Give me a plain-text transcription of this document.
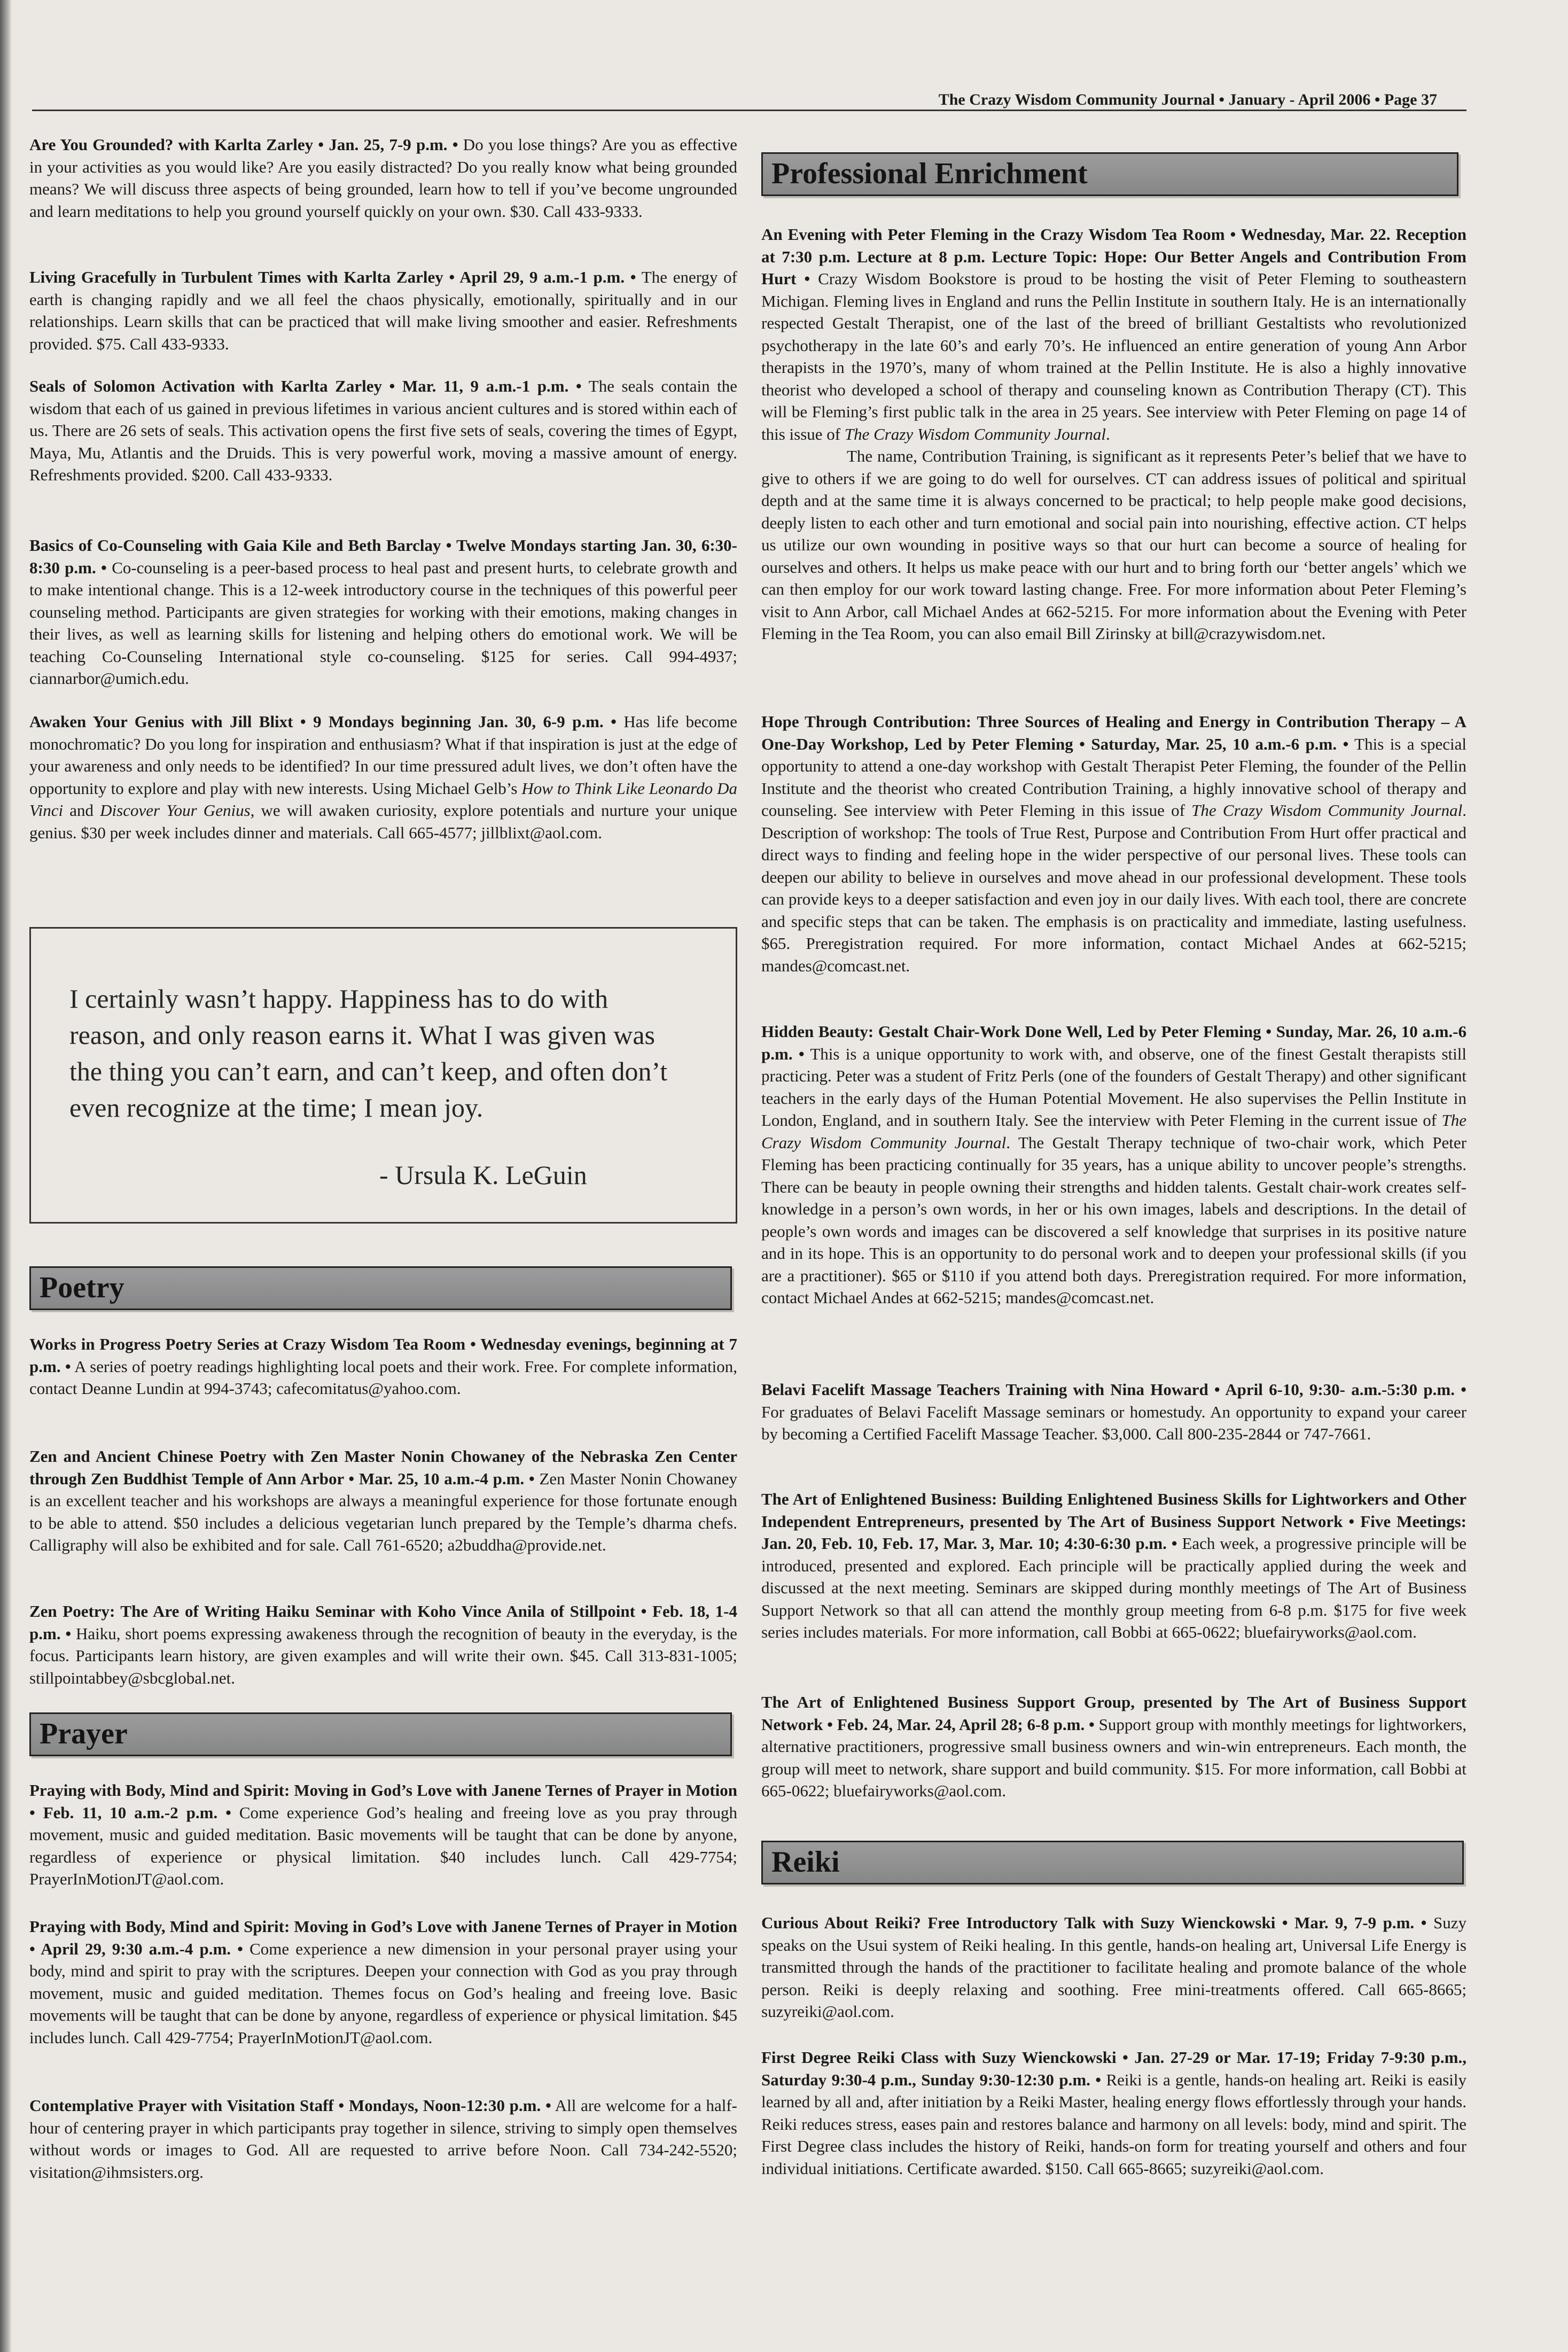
The Crazy Wisdom Community Journal • January - April 2006 • Page 37
Are You Grounded? with Karlta Zarley • Jan. 25, 7-9 p.m. • Do you lose things? Are you as effective in your activities as you would like? Are you easily distracted? Do you really know what being grounded means? We will discuss three aspects of being grounded, learn how to tell if you’ve become ungrounded and learn meditations to help you ground yourself quickly on your own. $30. Call 433-9333.
Living Gracefully in Turbulent Times with Karlta Zarley • April 29, 9 a.m.-1 p.m. • The energy of earth is changing rapidly and we all feel the chaos physically, emotionally, spiritually and in our relationships. Learn skills that can be practiced that will make living smoother and easier. Refreshments provided. $75. Call 433-9333.
Seals of Solomon Activation with Karlta Zarley • Mar. 11, 9 a.m.-1 p.m. • The seals contain the wisdom that each of us gained in previous lifetimes in various ancient cultures and is stored within each of us. There are 26 sets of seals. This activation opens the first five sets of seals, covering the times of Egypt, Maya, Mu, Atlantis and the Druids. This is very powerful work, moving a massive amount of energy. Refreshments provided. $200. Call 433-9333.
Basics of Co-Counseling with Gaia Kile and Beth Barclay • Twelve Mondays starting Jan. 30, 6:30-8:30 p.m. • Co-counseling is a peer-based process to heal past and present hurts, to celebrate growth and to make intentional change. This is a 12-week introductory course in the techniques of this powerful peer counseling method. Participants are given strategies for working with their emotions, making changes in their lives, as well as learning skills for listening and helping others do emotional work. We will be teaching Co-Counseling International style co-counseling. $125 for series. Call 994-4937; ciannarbor@umich.edu.
Awaken Your Genius with Jill Blixt • 9 Mondays beginning Jan. 30, 6-9 p.m. • Has life become monochromatic? Do you long for inspiration and enthusiasm? What if that inspiration is just at the edge of your awareness and only needs to be identified? In our time pressured adult lives, we don’t often have the opportunity to explore and play with new interests. Using Michael Gelb’s How to Think Like Leonardo Da Vinci and Discover Your Genius, we will awaken curiosity, explore potentials and nurture your unique genius. $30 per week includes dinner and materials. Call 665-4577; jillblixt@aol.com.
I certainly wasn’t happy. Happiness has to do with reason, and only reason earns it. What I was given was the thing you can’t earn, and can’t keep, and often don’t even recognize at the time; I mean joy.
- Ursula K. LeGuin
Poetry
Works in Progress Poetry Series at Crazy Wisdom Tea Room • Wednesday evenings, beginning at 7 p.m. • A series of poetry readings highlighting local poets and their work. Free. For complete information, contact Deanne Lundin at 994-3743; cafecomitatus@yahoo.com.
Zen and Ancient Chinese Poetry with Zen Master Nonin Chowaney of the Nebraska Zen Center through Zen Buddhist Temple of Ann Arbor • Mar. 25, 10 a.m.-4 p.m. • Zen Master Nonin Chowaney is an excellent teacher and his workshops are always a meaningful experience for those fortunate enough to be able to attend. $50 includes a delicious vegetarian lunch prepared by the Temple’s dharma chefs. Calligraphy will also be exhibited and for sale. Call 761-6520; a2buddha@provide.net.
Zen Poetry: The Are of Writing Haiku Seminar with Koho Vince Anila of Stillpoint • Feb. 18, 1-4 p.m. • Haiku, short poems expressing awakeness through the recognition of beauty in the everyday, is the focus. Participants learn history, are given examples and will write their own. $45. Call 313-831-1005; stillpointabbey@sbcglobal.net.
Prayer
Praying with Body, Mind and Spirit: Moving in God’s Love with Janene Ternes of Prayer in Motion • Feb. 11, 10 a.m.-2 p.m. • Come experience God’s healing and freeing love as you pray through movement, music and guided meditation. Basic movements will be taught that can be done by anyone, regardless of experience or physical limitation. $40 includes lunch. Call 429-7754; PrayerInMotionJT@aol.com.
Praying with Body, Mind and Spirit: Moving in God’s Love with Janene Ternes of Prayer in Motion • April 29, 9:30 a.m.-4 p.m. • Come experience a new dimension in your personal prayer using your body, mind and spirit to pray with the scriptures. Deepen your connection with God as you pray through movement, music and guided meditation. Themes focus on God’s healing and freeing love. Basic movements will be taught that can be done by anyone, regardless of experience or physical limitation. $45 includes lunch. Call 429-7754; PrayerInMotionJT@aol.com.
Contemplative Prayer with Visitation Staff • Mondays, Noon-12:30 p.m. • All are welcome for a half-hour of centering prayer in which participants pray together in silence, striving to simply open themselves without words or images to God. All are requested to arrive before Noon. Call 734-242-5520; visitation@ihmsisters.org.
Professional Enrichment
An Evening with Peter Fleming in the Crazy Wisdom Tea Room • Wednesday, Mar. 22. Reception at 7:30 p.m. Lecture at 8 p.m. Lecture Topic: Hope: Our Better Angels and Contribution From Hurt • Crazy Wisdom Bookstore is proud to be hosting the visit of Peter Fleming to southeastern Michigan. Fleming lives in England and runs the Pellin Institute in southern Italy. He is an internationally respected Gestalt Therapist, one of the last of the breed of brilliant Gestaltists who revolutionized psychotherapy in the late 60’s and early 70’s. He influenced an entire generation of young Ann Arbor therapists in the 1970’s, many of whom trained at the Pellin Institute. He is also a highly innovative theorist who developed a school of therapy and counseling known as Contribution Therapy (CT). This will be Fleming’s first public talk in the area in 25 years. See interview with Peter Fleming on page 14 of this issue of The Crazy Wisdom Community Journal.

The name, Contribution Training, is significant as it represents Peter’s belief that we have to give to others if we are going to do well for ourselves. CT can address issues of political and spiritual depth and at the same time it is always concerned to be practical; to help people make good decisions, deeply listen to each other and turn emotional and social pain into nourishing, effective action. CT helps us utilize our own wounding in positive ways so that our hurt can become a source of healing for ourselves and others. It helps us make peace with our hurt and to bring forth our ‘better angels’ which we can then employ for our work toward lasting change. Free. For more information about Peter Fleming’s visit to Ann Arbor, call Michael Andes at 662-5215. For more information about the Evening with Peter Fleming in the Tea Room, you can also email Bill Zirinsky at bill@crazywisdom.net.

Hope Through Contribution: Three Sources of Healing and Energy in Contribution Therapy – A One-Day Workshop, Led by Peter Fleming • Saturday, Mar. 25, 10 a.m.-6 p.m. • This is a special opportunity to attend a one-day workshop with Gestalt Therapist Peter Fleming, the founder of the Pellin Institute and the theorist who created Contribution Training, a highly innovative school of therapy and counseling. See interview with Peter Fleming in this issue of The Crazy Wisdom Community Journal. Description of workshop: The tools of True Rest, Purpose and Contribution From Hurt offer practical and direct ways to finding and feeling hope in the wider perspective of our personal lives. These tools can deepen our ability to believe in ourselves and move ahead in our professional development. These tools can provide keys to a deeper satisfaction and even joy in our daily lives. With each tool, there are concrete and specific steps that can be taken. The emphasis is on practicality and immediate, lasting usefulness. $65. Preregistration required. For more information, contact Michael Andes at 662-5215; mandes@comcast.net.
Hidden Beauty: Gestalt Chair-Work Done Well, Led by Peter Fleming • Sunday, Mar. 26, 10 a.m.-6 p.m. • This is a unique opportunity to work with, and observe, one of the finest Gestalt therapists still practicing. Peter was a student of Fritz Perls (one of the founders of Gestalt Therapy) and other significant teachers in the early days of the Human Potential Movement. He also supervises the Pellin Institute in London, England, and in southern Italy. See the interview with Peter Fleming in the current issue of The Crazy Wisdom Community Journal. The Gestalt Therapy technique of two-chair work, which Peter Fleming has been practicing continually for 35 years, has a unique ability to uncover people’s strengths. There can be beauty in people owning their strengths and hidden talents. Gestalt chair-work creates self-knowledge in a person’s own words, in her or his own images, labels and descriptions. In the detail of people’s own words and images can be discovered a self knowledge that surprises in its positive nature and in its hope. This is an opportunity to do personal work and to deepen your professional skills (if you are a practitioner). $65 or $110 if you attend both days. Preregistration required. For more information, contact Michael Andes at 662-5215; mandes@comcast.net.
Belavi Facelift Massage Teachers Training with Nina Howard • April 6-10, 9:30- a.m.-5:30 p.m. • For graduates of Belavi Facelift Massage seminars or homestudy. An opportunity to expand your career by becoming a Certified Facelift Massage Teacher. $3,000. Call 800-235-2844 or 747-7661.
The Art of Enlightened Business: Building Enlightened Business Skills for Lightworkers and Other Independent Entrepreneurs, presented by The Art of Business Support Network • Five Meetings: Jan. 20, Feb. 10, Feb. 17, Mar. 3, Mar. 10; 4:30-6:30 p.m. • Each week, a progressive principle will be introduced, presented and explored. Each principle will be practically applied during the week and discussed at the next meeting. Seminars are skipped during monthly meetings of The Art of Business Support Network so that all can attend the monthly group meeting from 6-8 p.m. $175 for five week series includes materials. For more information, call Bobbi at 665-0622; bluefairyworks@aol.com.
The Art of Enlightened Business Support Group, presented by The Art of Business Support Network • Feb. 24, Mar. 24, April 28; 6-8 p.m. • Support group with monthly meetings for lightworkers, alternative practitioners, progressive small business owners and win-win entrepreneurs. Each month, the group will meet to network, share support and build community. $15. For more information, call Bobbi at 665-0622; bluefairyworks@aol.com.
Reiki
Curious About Reiki? Free Introductory Talk with Suzy Wienckowski • Mar. 9, 7-9 p.m. • Suzy speaks on the Usui system of Reiki healing. In this gentle, hands-on healing art, Universal Life Energy is transmitted through the hands of the practitioner to facilitate healing and promote balance of the whole person. Reiki is deeply relaxing and soothing. Free mini-treatments offered. Call 665-8665; suzyreiki@aol.com.
First Degree Reiki Class with Suzy Wienckowski • Jan. 27-29 or Mar. 17-19; Friday 7-9:30 p.m., Saturday 9:30-4 p.m., Sunday 9:30-12:30 p.m. • Reiki is a gentle, hands-on healing art. Reiki is easily learned by all and, after initiation by a Reiki Master, healing energy flows effortlessly through your hands. Reiki reduces stress, eases pain and restores balance and harmony on all levels: body, mind and spirit. The First Degree class includes the history of Reiki, hands-on form for treating yourself and others and four individual initiations. Certificate awarded. $150. Call 665-8665; suzyreiki@aol.com.
